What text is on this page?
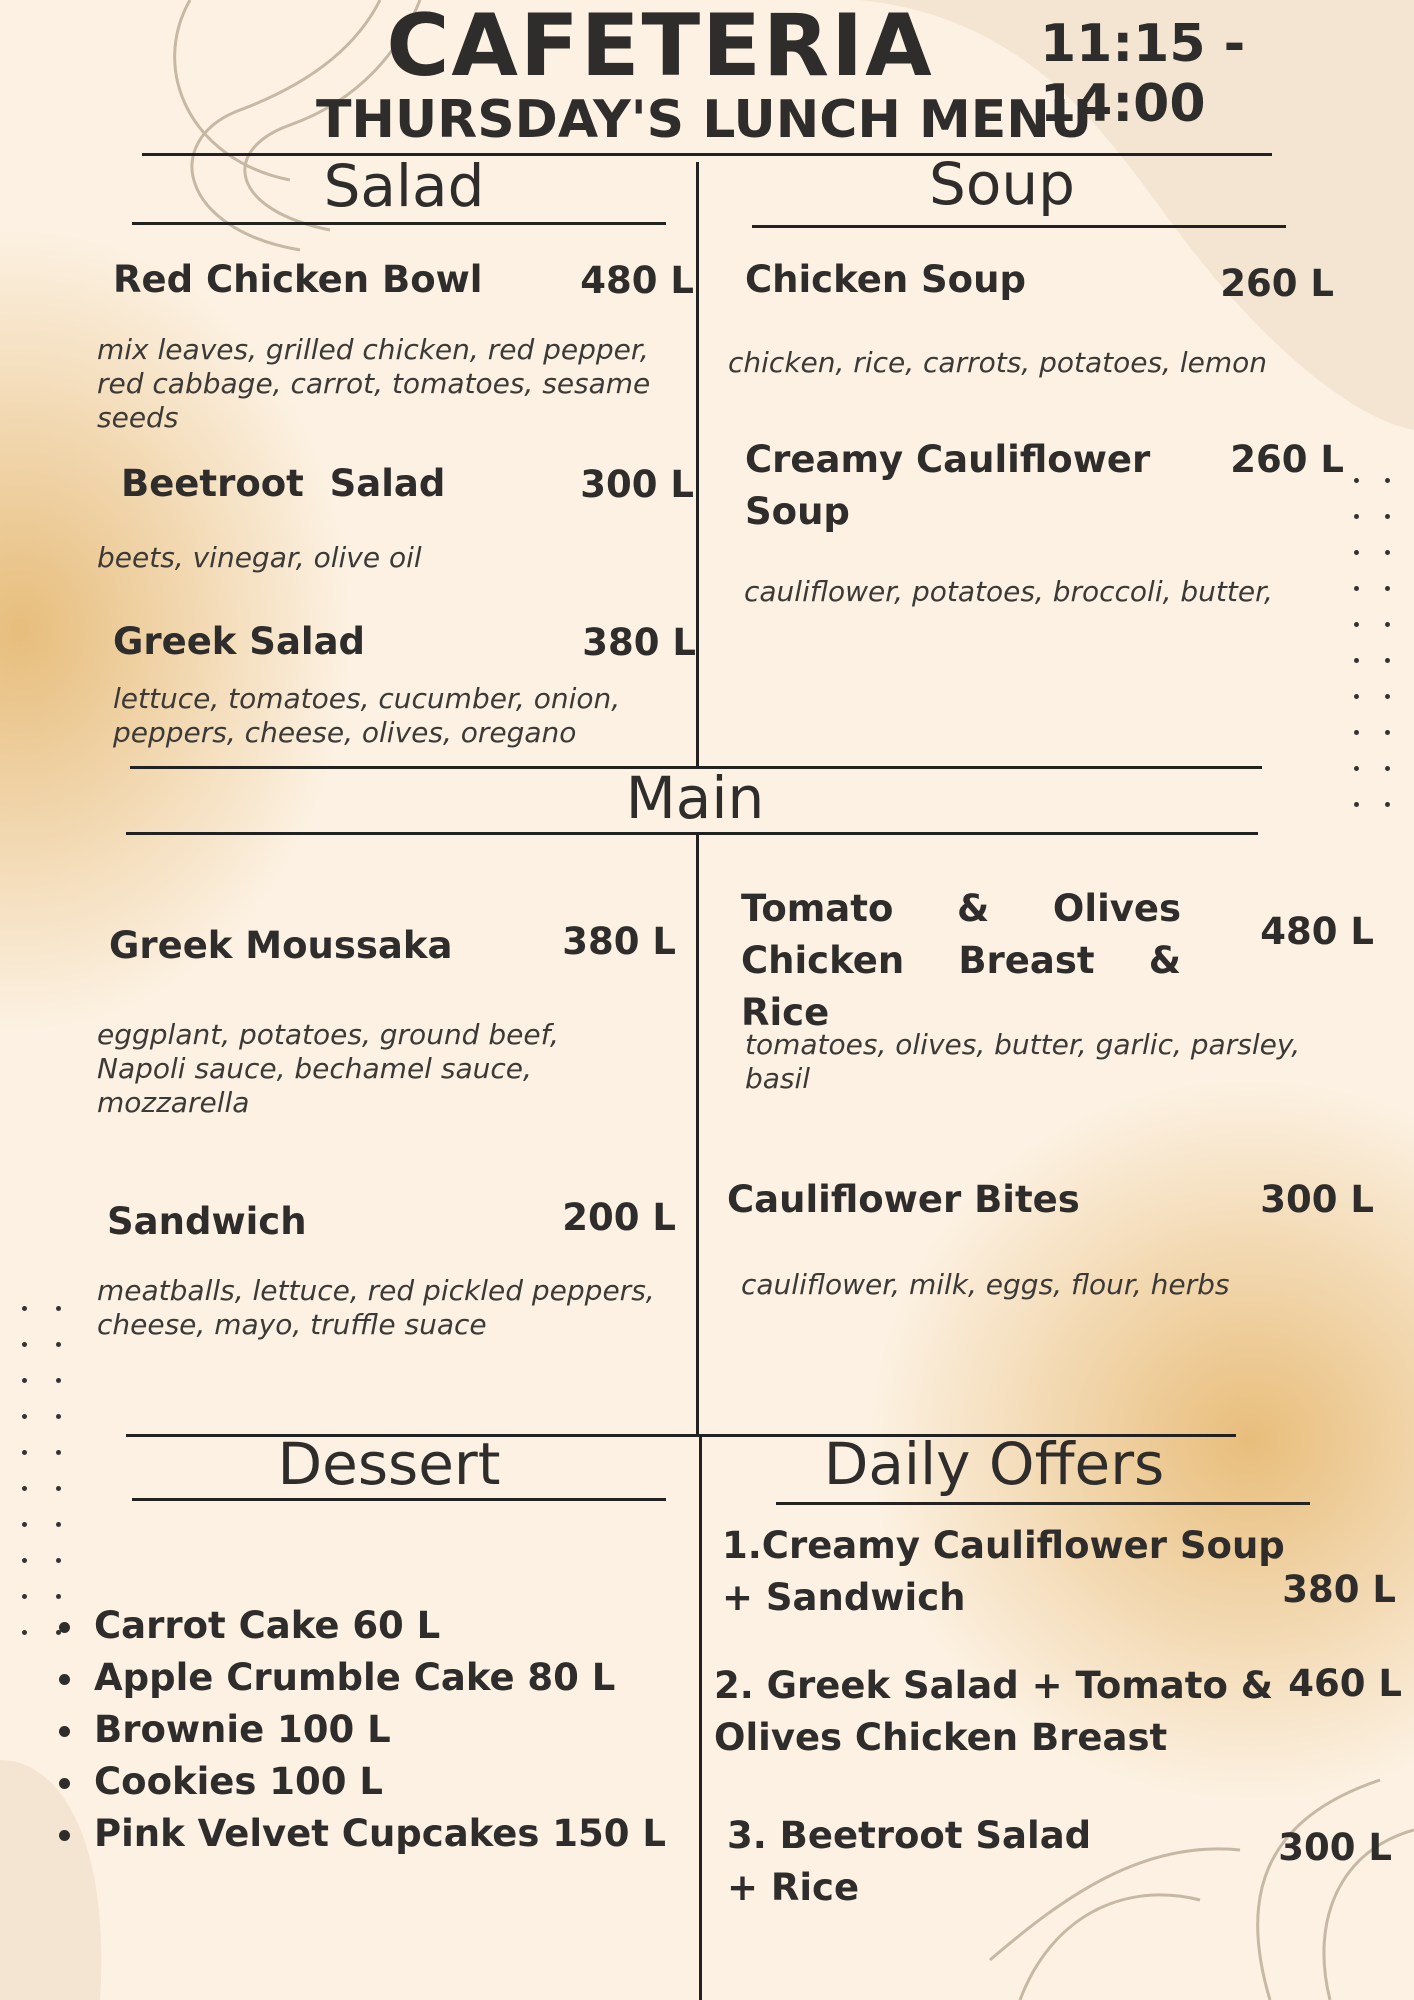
CAFETERIA 11:15 - 14:00
THURSDAY'S LUNCH MENU
Salad
Red Chicken Bowl	480 L
mix leaves, grilled chicken, red pepper, red cabbage, carrot, tomatoes, sesame seeds
Beetroot  Salad	300 L
beets, vinegar, olive oil
Greek Salad	380 L
lettuce, tomatoes, cucumber, onion, peppers, cheese, olives, oregano
Soup
Chicken Soup	260 L
chicken, rice, carrots, potatoes, lemon
Creamy Cauliflower Soup
260 L
cauliflower, potatoes, broccoli, butter,
Main
Greek Moussaka	380 L
eggplant, potatoes, ground beef, Napoli sauce, bechamel sauce, mozzarella
Tomato & Olives Chicken Breast & Rice
480 L
tomatoes, olives, butter, garlic, parsley, basil
Sandwich	200 L
meatballs, lettuce, red pickled peppers, cheese, mayo, truffle suace
Cauliflower Bites	300 L
cauliflower, milk, eggs, flour, herbs
Dessert
• Carrot Cake 60 L
• Apple Crumble Cake 80 L
• Brownie 100 L
• Cookies 100 L
• Pink Velvet Cupcakes 150 L
Daily Offers
1.Creamy Cauliflower Soup + Sandwich	380 L
2. Greek Salad + Tomato & Olives Chicken Breast
460 L
3. Beetroot Salad + Rice
300 L
